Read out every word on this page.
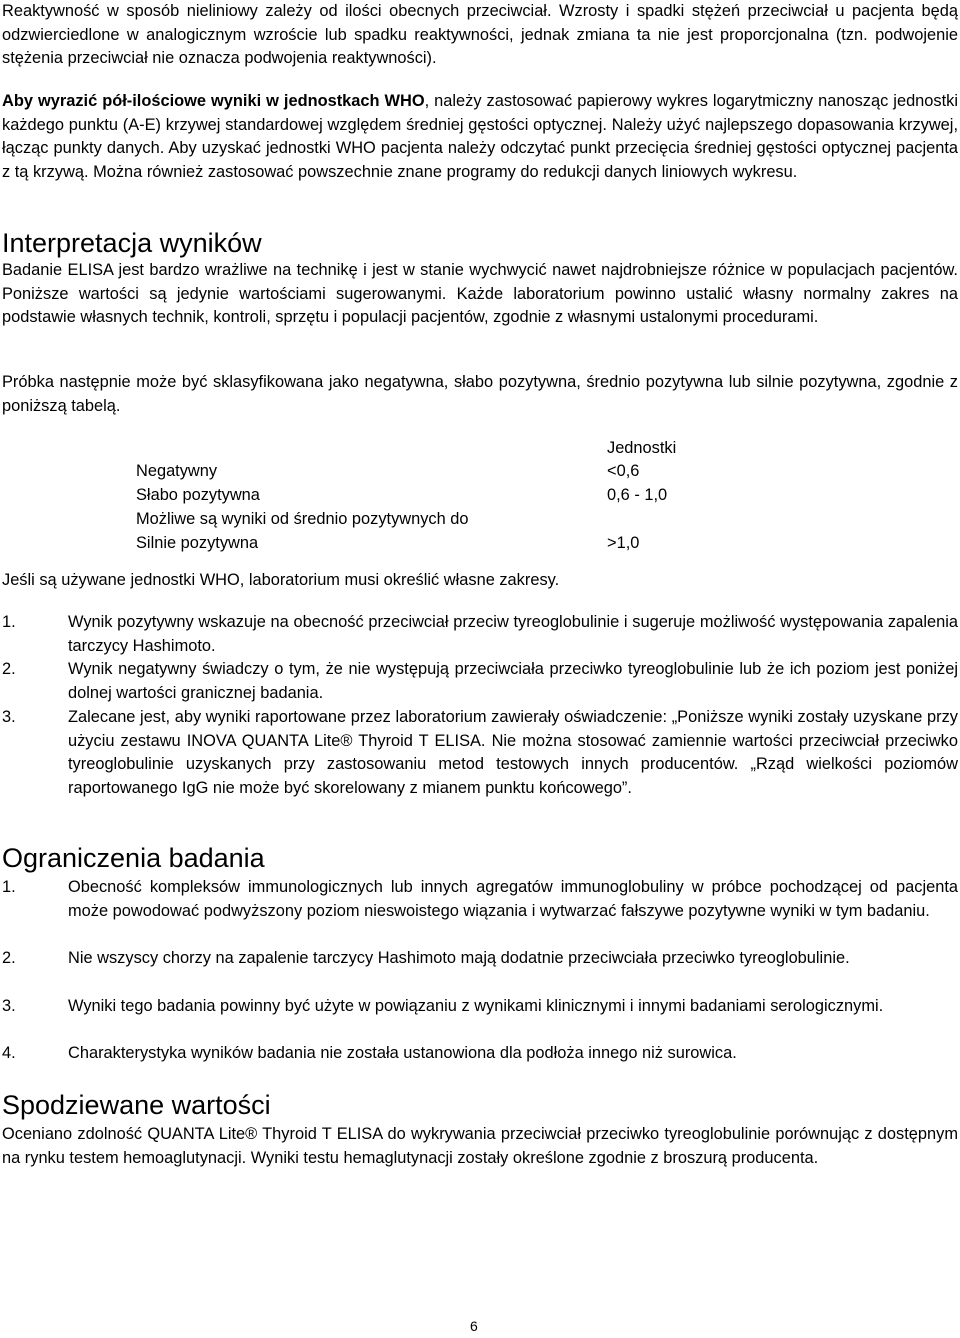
Reaktywność w sposób nieliniowy zależy od ilości obecnych przeciwciał. Wzrosty i spadki stężeń przeciwciał u pacjenta będą odzwierciedlone w analogicznym wzroście lub spadku reaktywności, jednak zmiana ta nie jest proporcjonalna (tzn. podwojenie stężenia przeciwciał nie oznacza podwojenia reaktywności).

Aby wyrazić pół-ilościowe wyniki w jednostkach WHO, należy zastosować papierowy wykres logarytmiczny nanosząc jednostki każdego punktu (A-E) krzywej standardowej względem średniej gęstości optycznej. Należy użyć najlepszego dopasowania krzywej, łącząc punkty danych. Aby uzyskać jednostki WHO pacjenta należy odczytać punkt przecięcia średniej gęstości optycznej pacjenta z tą krzywą. Można również zastosować powszechnie znane programy do redukcji danych liniowych wykresu.

Interpretacja wyników

Badanie ELISA jest bardzo wrażliwe na technikę i jest w stanie wychwycić nawet najdrobniejsze różnice w populacjach pacjentów. Poniższe wartości są jedynie wartościami sugerowanymi. Każde laboratorium powinno ustalić własny normalny zakres na podstawie własnych technik, kontroli, sprzętu i populacji pacjentów, zgodnie z własnymi ustalonymi procedurami.

Próbka następnie może być sklasyfikowana jako negatywna, słabo pozytywna, średnio pozytywna lub silnie pozytywna, zgodnie z poniższą tabelą.

Jednostki
Negatywny	<0,6
Słabo pozytywna	0,6 - 1,0
Możliwe są wyniki od średnio pozytywnych do
Silnie pozytywna	>1,0

Jeśli są używane jednostki WHO, laboratorium musi określić własne zakresy.

1.	Wynik pozytywny wskazuje na obecność przeciwciał przeciw tyreoglobulinie i sugeruje możliwość występowania zapalenia tarczycy Hashimoto.
2.	Wynik negatywny świadczy o tym, że nie występują przeciwciała przeciwko tyreoglobulinie lub że ich poziom jest poniżej dolnej wartości granicznej badania.
3.	Zalecane jest, aby wyniki raportowane przez laboratorium zawierały oświadczenie: „Poniższe wyniki zostały uzyskane przy użyciu zestawu INOVA QUANTA Lite® Thyroid T ELISA. Nie można stosować zamiennie wartości przeciwciał przeciwko tyreoglobulinie uzyskanych przy zastosowaniu metod testowych innych producentów. „Rząd wielkości poziomów raportowanego IgG nie może być skorelowany z mianem punktu końcowego”.
Ograniczenia badania
1.	Obecność kompleksów immunologicznych lub innych agregatów immunoglobuliny w próbce pochodzącej od pacjenta może powodować podwyższony poziom nieswoistego wiązania i wytwarzać fałszywe pozytywne wyniki w tym badaniu.
2.	Nie wszyscy chorzy na zapalenie tarczycy Hashimoto mają dodatnie przeciwciała przeciwko tyreoglobulinie.
3.	Wyniki tego badania powinny być użyte w powiązaniu z wynikami klinicznymi i innymi badaniami serologicznymi.
4.	Charakterystyka wyników badania nie została ustanowiona dla podłoża innego niż surowica.
Spodziewane wartości

Oceniano zdolność QUANTA Lite® Thyroid T ELISA do wykrywania przeciwciał przeciwko tyreoglobulinie porównując z dostępnym na rynku testem hemoaglutynacji. Wyniki testu hemaglutynacji zostały określone zgodnie z broszurą producenta.

6
